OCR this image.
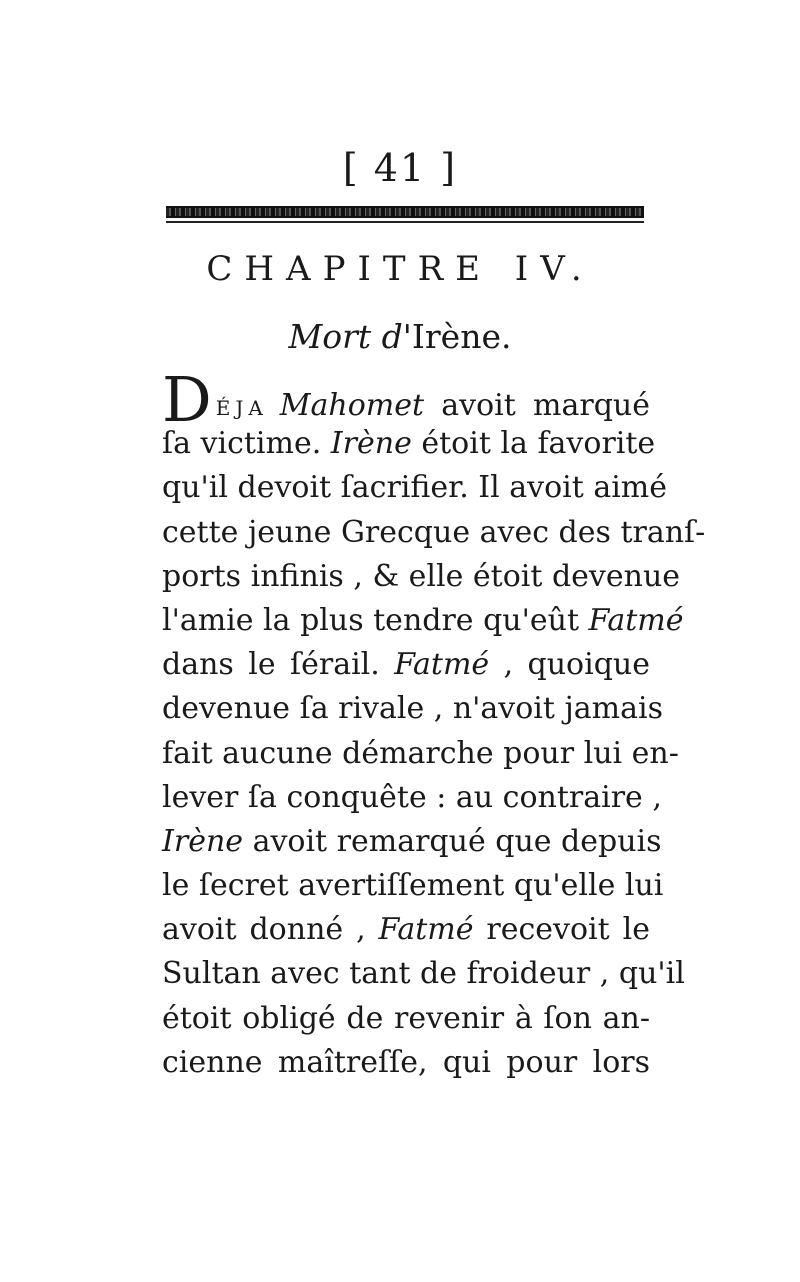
[ 41 ]
CHAPITRE IV.
Mort d'Irène.
DÉJA Mahomet avoit marqué
ſa victime. Irène étoit la favorite
qu'il devoit ſacrifier. Il avoit aimé
cette jeune Grecque avec des tranſ-
ports infinis , & elle étoit devenue
l'amie la plus tendre qu'eût Fatmé
dans le ſérail. Fatmé , quoique
devenue ſa rivale , n'avoit jamais
fait aucune démarche pour lui en-
lever ſa conquête : au contraire ,
Irène avoit remarqué que depuis
le ſecret avertiſſement qu'elle lui
avoit donné , Fatmé recevoit le
Sultan avec tant de froideur , qu'il
étoit obligé de revenir à ſon an-
cienne maîtreſſe, qui pour lors
